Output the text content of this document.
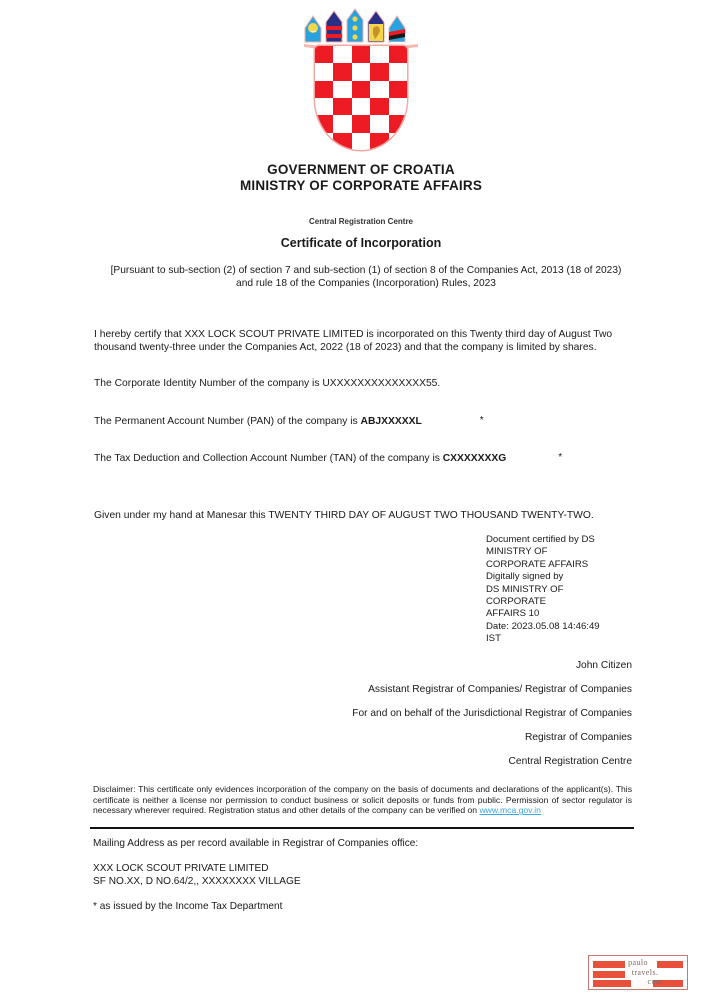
GOVERNMENT OF CROATIA
MINISTRY OF CORPORATE AFFAIRS
Central Registration Centre
Certificate of Incorporation
[Pursuant to sub-section (2) of section 7 and sub-section (1) of section 8 of the Companies Act, 2013 (18 of 2023) and rule 18 of the Companies (Incorporation) Rules, 2023

I hereby certify that XXX LOCK SCOUT PRIVATE LIMITED is incorporated on this Twenty third day of August Two thousand twenty-three under the Companies Act, 2022 (18 of 2023) and that the company is limited by shares.

The Corporate Identity Number of the company is UXXXXXXXXXXXXXX55.

The Permanent Account Number (PAN) of the company is ABJXXXXXL	*

The Tax Deduction and Collection Account Number (TAN) of the company is CXXXXXXXG	*

Given under my hand at Manesar this TWENTY THIRD DAY OF AUGUST TWO THOUSAND TWENTY-TWO.
Document certified by DS
MINISTRY OF
CORPORATE AFFAIRS
Digitally signed by
DS MINISTRY OF
CORPORATE
AFFAIRS 10
Date: 2023.05.08 14:46:49
IST
John Citizen
Assistant Registrar of Companies/ Registrar of Companies
For and on behalf of the Jurisdictional Registrar of Companies
Registrar of Companies
Central Registration Centre
Disclaimer: This certificate only evidences incorporation of the company on the basis of documents and declarations of the applicant(s). This certificate is neither a license nor permission to conduct business or solicit deposits or funds from public. Permission of sector regulator is necessary wherever required. Registration status and other details of the company can be verified on www.mca.gov.in
Mailing Address as per record available in Registrar of Companies office:
XXX LOCK SCOUT PRIVATE LIMITED
SF NO.XX, D NO.64/2,, XXXXXXXX VILLAGE
* as issued by the Income Tax Department
paulo
travels.
com
